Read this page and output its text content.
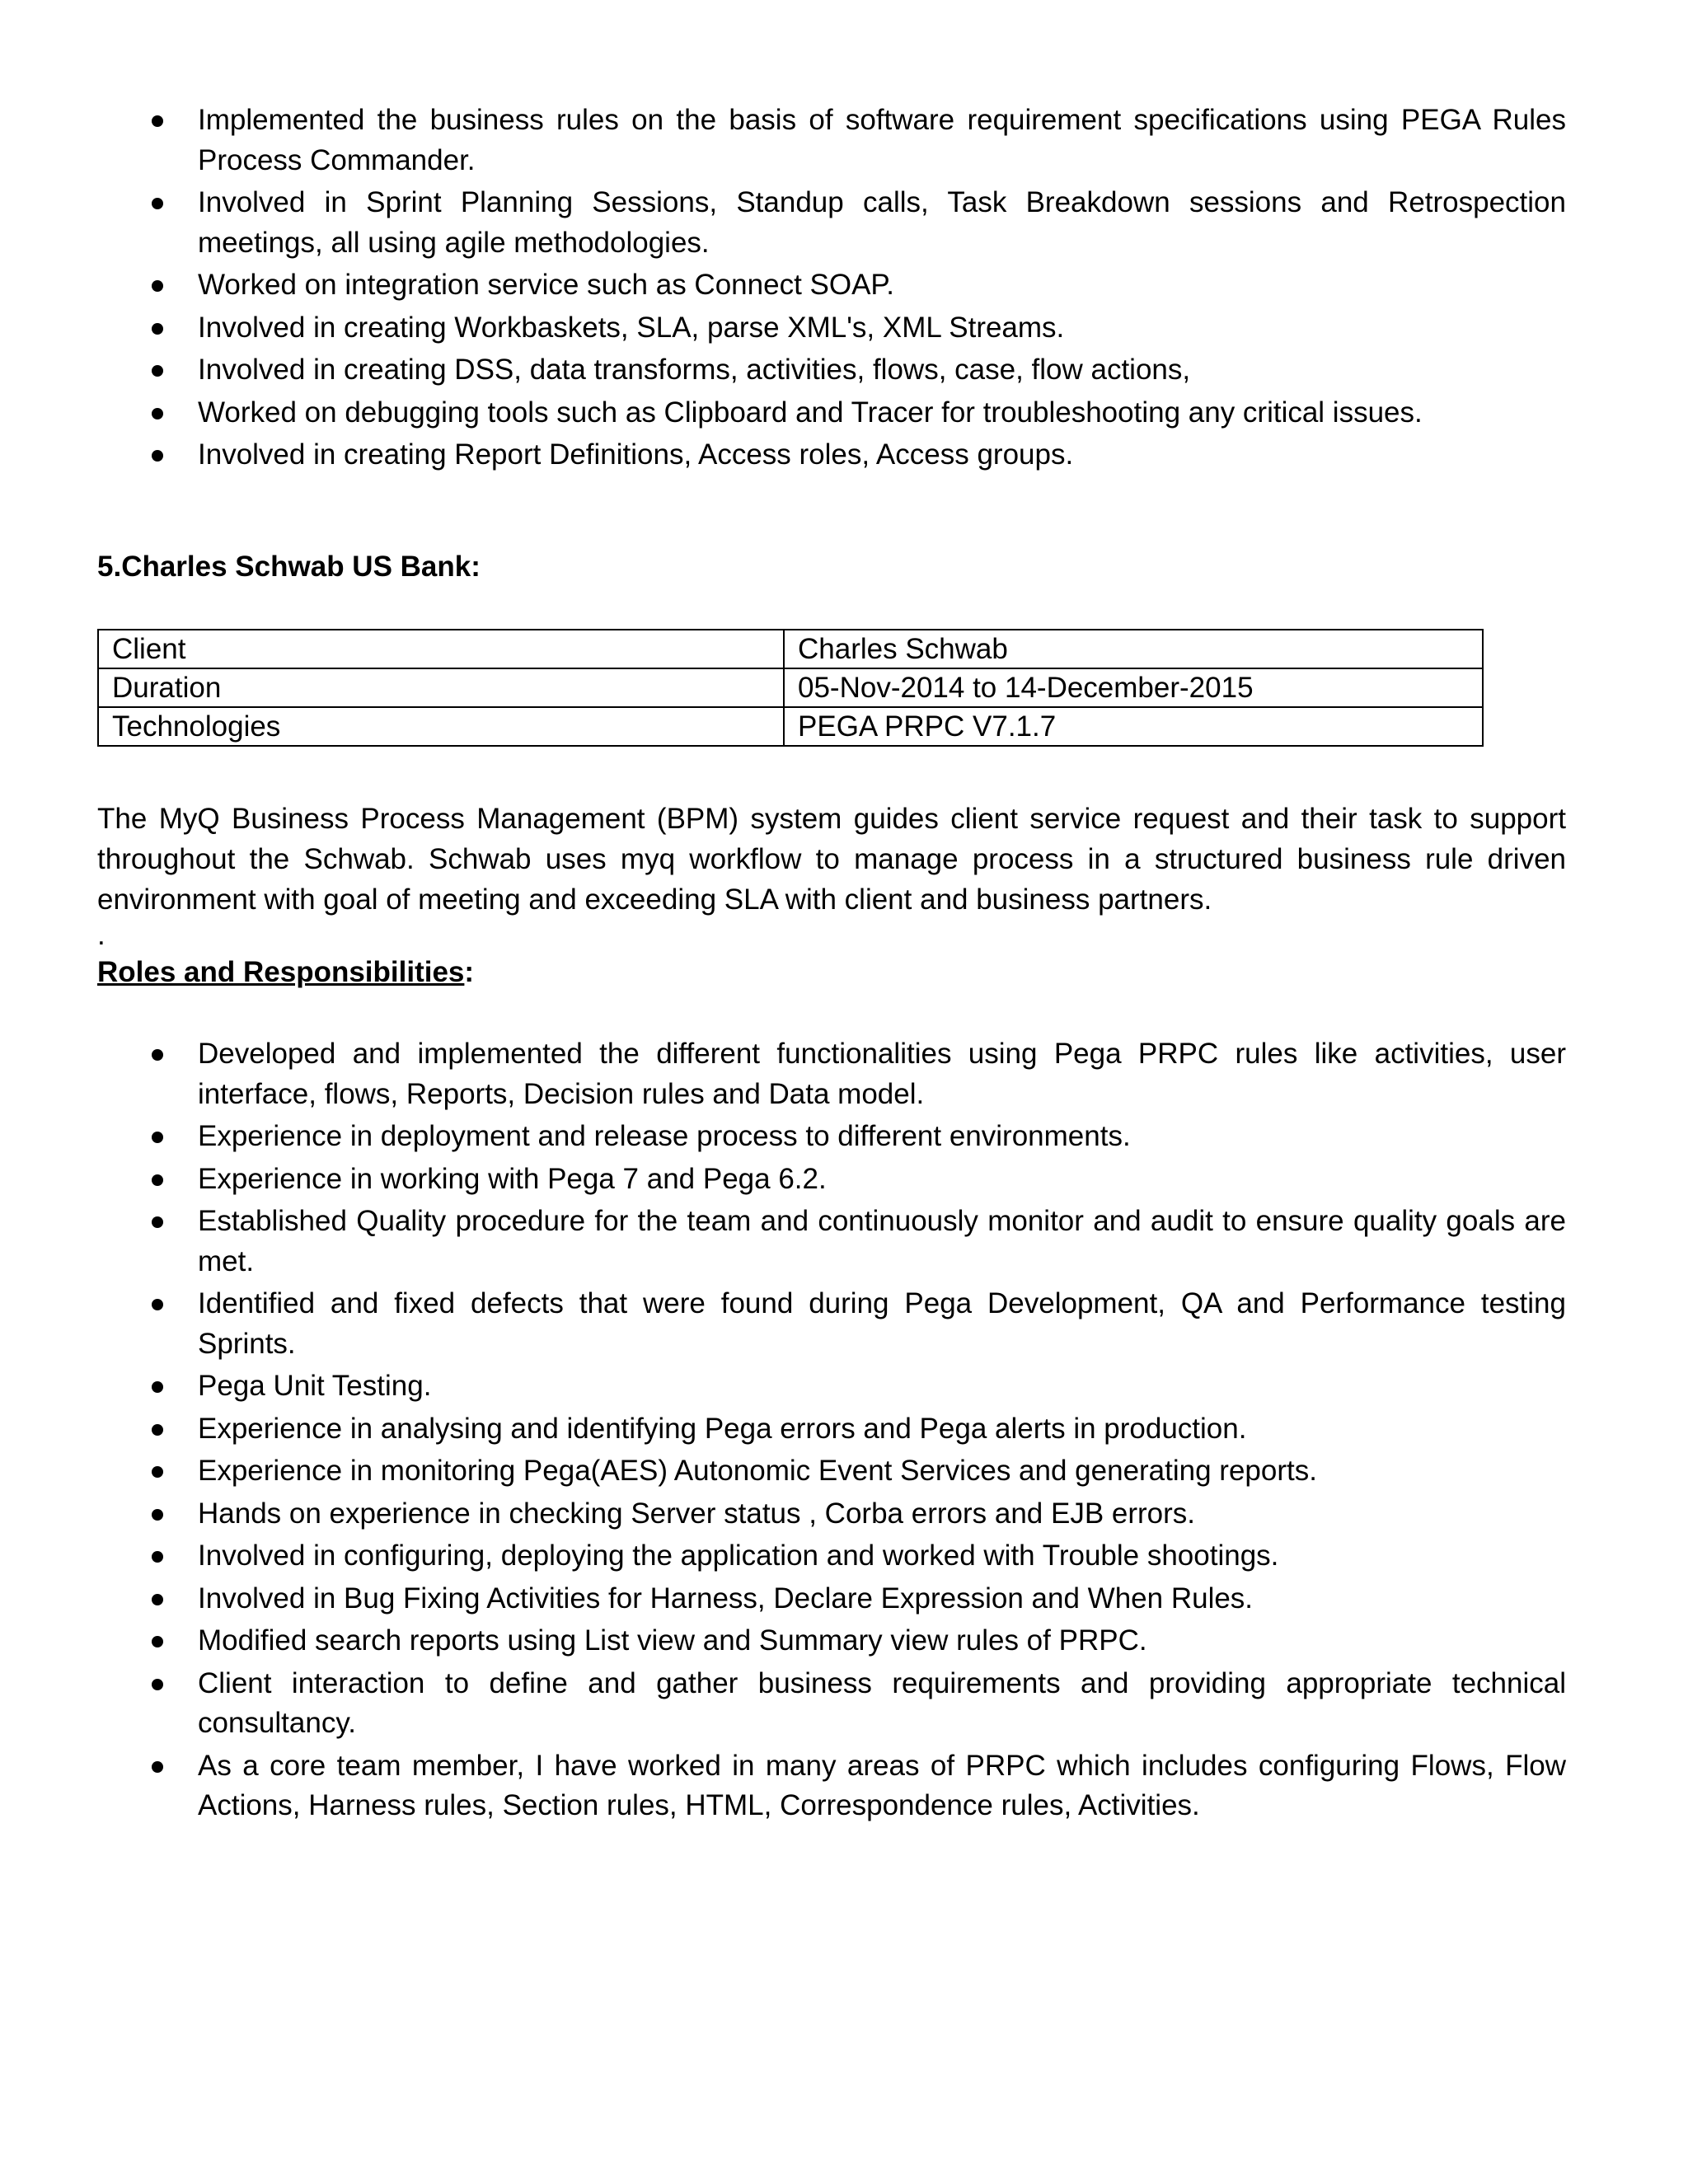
Implemented the business rules on the basis of software requirement specifications using PEGA Rules Process Commander.
Involved in Sprint Planning Sessions, Standup calls, Task Breakdown sessions and Retrospection meetings, all using agile methodologies.
Worked on integration service such as Connect SOAP.
Involved in creating Workbaskets, SLA, parse XML's, XML Streams.
Involved in creating DSS, data transforms, activities, flows, case, flow actions,
Worked on debugging tools such as Clipboard and Tracer for troubleshooting any critical issues.
Involved in creating Report Definitions, Access roles, Access groups.
5.Charles Schwab US Bank:
Client	Charles Schwab
Duration	05-Nov-2014 to 14-December-2015
Technologies	PEGA PRPC V7.1.7

The MyQ Business Process Management (BPM) system guides client service request and their task to support throughout the Schwab. Schwab uses myq workflow to manage process in a structured business rule driven environment with goal of meeting and exceeding SLA with client and business partners.

.

Roles and Responsibilities:
Developed and implemented the different functionalities using Pega PRPC rules like activities, user interface, flows, Reports, Decision rules and Data model.
Experience in deployment and release process to different environments.
Experience in working with Pega 7 and Pega 6.2.
Established Quality procedure for the team and continuously monitor and audit to ensure quality goals are met.
Identified and fixed defects that were found during Pega Development, QA and Performance testing Sprints.
Pega Unit Testing.
Experience in analysing and identifying Pega errors and Pega alerts in production.
Experience in monitoring Pega(AES) Autonomic Event Services and generating reports.
Hands on experience in checking Server status , Corba errors and EJB errors.
Involved in configuring, deploying the application and worked with Trouble shootings.
Involved in Bug Fixing Activities for Harness, Declare Expression and When Rules.
Modified search reports using List view and Summary view rules of PRPC.
Client interaction to define and gather business requirements and providing appropriate technical consultancy.
As a core team member, I have worked in many areas of PRPC which includes configuring Flows, Flow Actions, Harness rules, Section rules, HTML, Correspondence rules, Activities.
